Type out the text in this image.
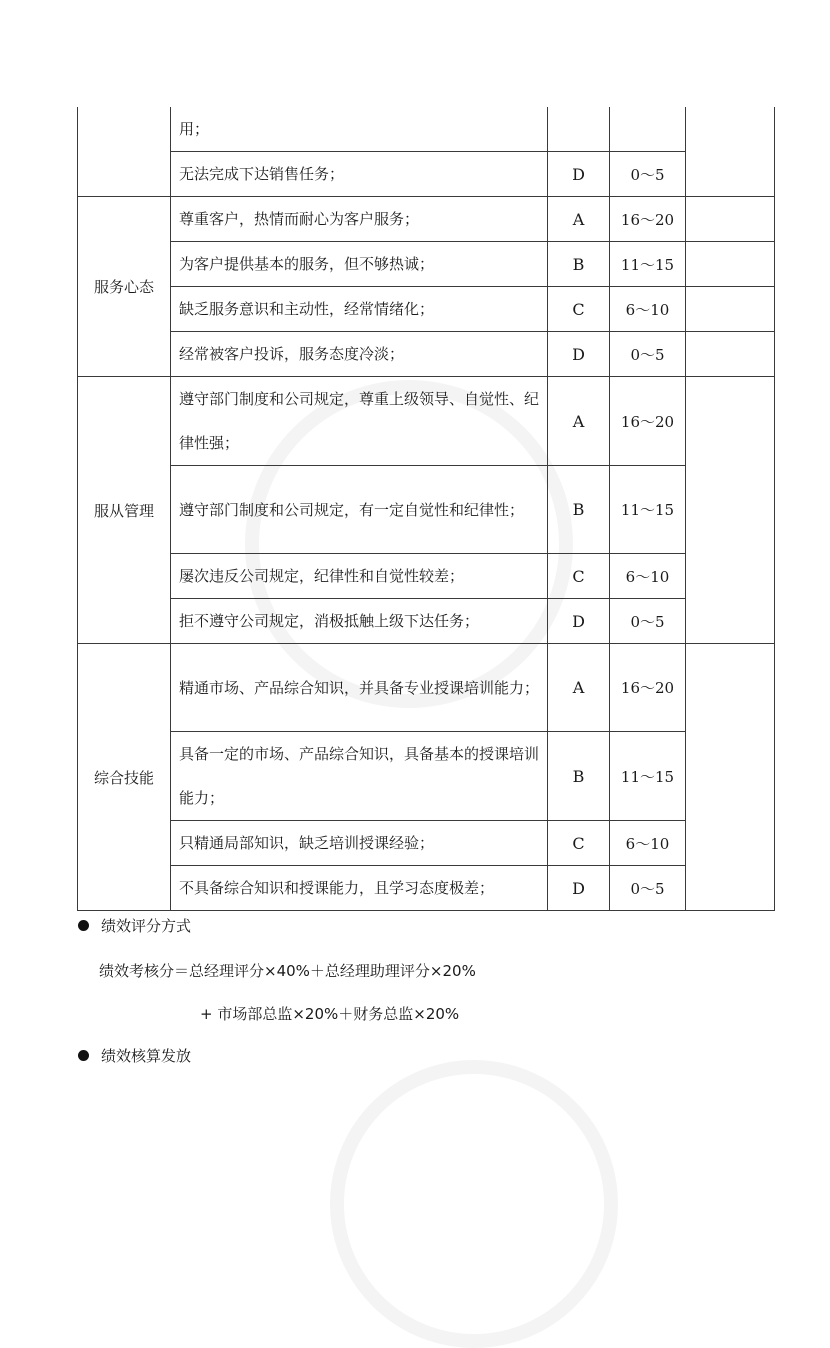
	用；			
	无法完成下达销售任务；	D	0～5	
服务心态	尊重客户，热情而耐心为客户服务；	A	16～20	
	为客户提供基本的服务，但不够热诚；	B	11～15	
	缺乏服务意识和主动性，经常情绪化；	C	6～10	
	经常被客户投诉，服务态度冷淡；	D	0～5	
服从管理	遵守部门制度和公司规定，尊重上级领导、自觉性、纪律性强；	A	16～20	
	遵守部门制度和公司规定，有一定自觉性和纪律性；	B	11～15	
	屡次违反公司规定，纪律性和自觉性较差；	C	6～10	
	拒不遵守公司规定，消极抵触上级下达任务；	D	0～5	
综合技能	精通市场、产品综合知识，并具备专业授课培训能力；	A	16～20	
	具备一定的市场、产品综合知识，具备基本的授课培训能力；	B	11～15	
	只精通局部知识，缺乏培训授课经验；	C	6～10	
	不具备综合知识和授课能力，且学习态度极差；	D	0～5	
绩效评分方式
绩效考核分＝总经理评分×40%＋总经理助理评分×20%
+ 市场部总监×20%＋财务总监×20%
绩效核算发放
